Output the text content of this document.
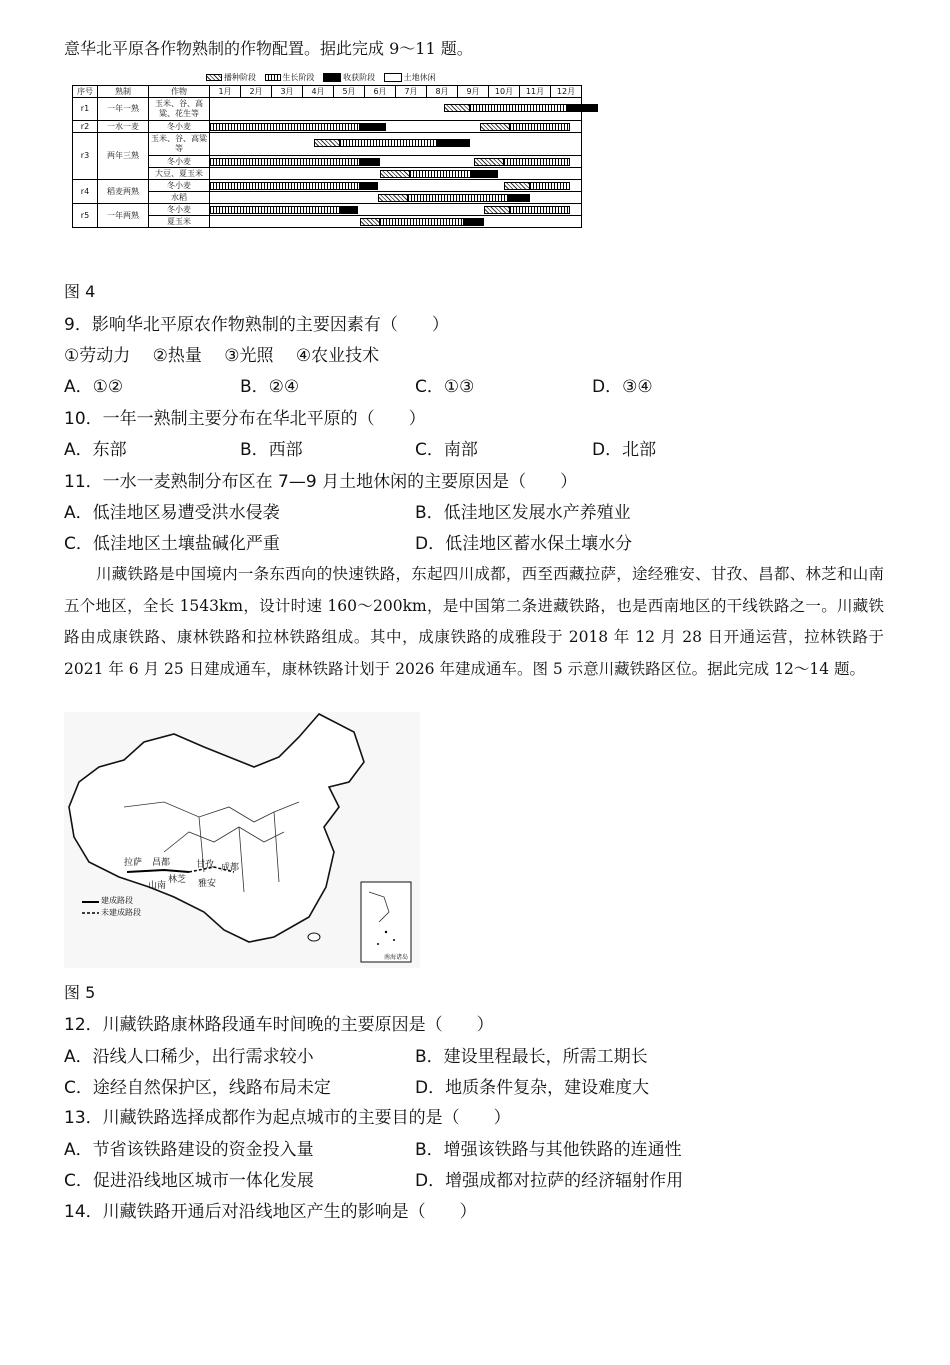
意华北平原各作物熟制的作物配置。据此完成 9～11 题。
播种阶段	生长阶段	收获阶段	土地休闲
序号	熟制	作物	1月	2月	3月	4月	5月	6月	7月	8月	9月	10月	11月	12月
r1	一年一熟	玉米、谷、高粱、花生等												

r2	一水一麦	冬小麦												

r3	两年三熟	玉米、谷、高粱等												

		冬小麦												

		大豆、夏玉米												

r4	稻麦两熟	冬小麦												

		水稻												

r5	一年两熟	冬小麦												

		夏玉米												
图 4
9．影响华北平原农作物熟制的主要因素有（　　）
①劳动力　 ②热量　 ③光照　 ④农业技术
A．①②	B．②④	C．①③	D．③④
10．一年一熟制主要分布在华北平原的（　　）
A．东部	B．西部	C．南部	D．北部
11．一水一麦熟制分布区在 7—9 月土地休闲的主要原因是（　　）
A．低洼地区易遭受洪水侵袭	B．低洼地区发展水产养殖业
C．低洼地区土壤盐碱化严重	D．低洼地区蓄水保土壤水分
川藏铁路是中国境内一条东西向的快速铁路，东起四川成都，西至西藏拉萨，途经雅安、甘孜、昌都、林芝和山南五个地区，全长 1543km，设计时速 160～200km，是中国第二条进藏铁路，也是西南地区的干线铁路之一。川藏铁路由成康铁路、康林铁路和拉林铁路组成。其中，成康铁路的成雅段于 2018 年 12 月 28 日开通运营，拉林铁路于 2021 年 6 月 25 日建成通车，康林铁路计划于 2026 年建成通车。图 5 示意川藏铁路区位。据此完成 12～14 题。
拉萨 昌都	甘孜 成都
林芝
山南	雅安
建成路段
未建成路段
南海诸岛
图 5
12．川藏铁路康林路段通车时间晚的主要原因是（　　）
A．沿线人口稀少，出行需求较小	B．建设里程最长，所需工期长
C．途经自然保护区，线路布局未定	D．地质条件复杂，建设难度大
13．川藏铁路选择成都作为起点城市的主要目的是（　　）
A．节省该铁路建设的资金投入量	B．增强该铁路与其他铁路的连通性
C．促进沿线地区城市一体化发展	D．增强成都对拉萨的经济辐射作用
14．川藏铁路开通后对沿线地区产生的影响是（　　）
